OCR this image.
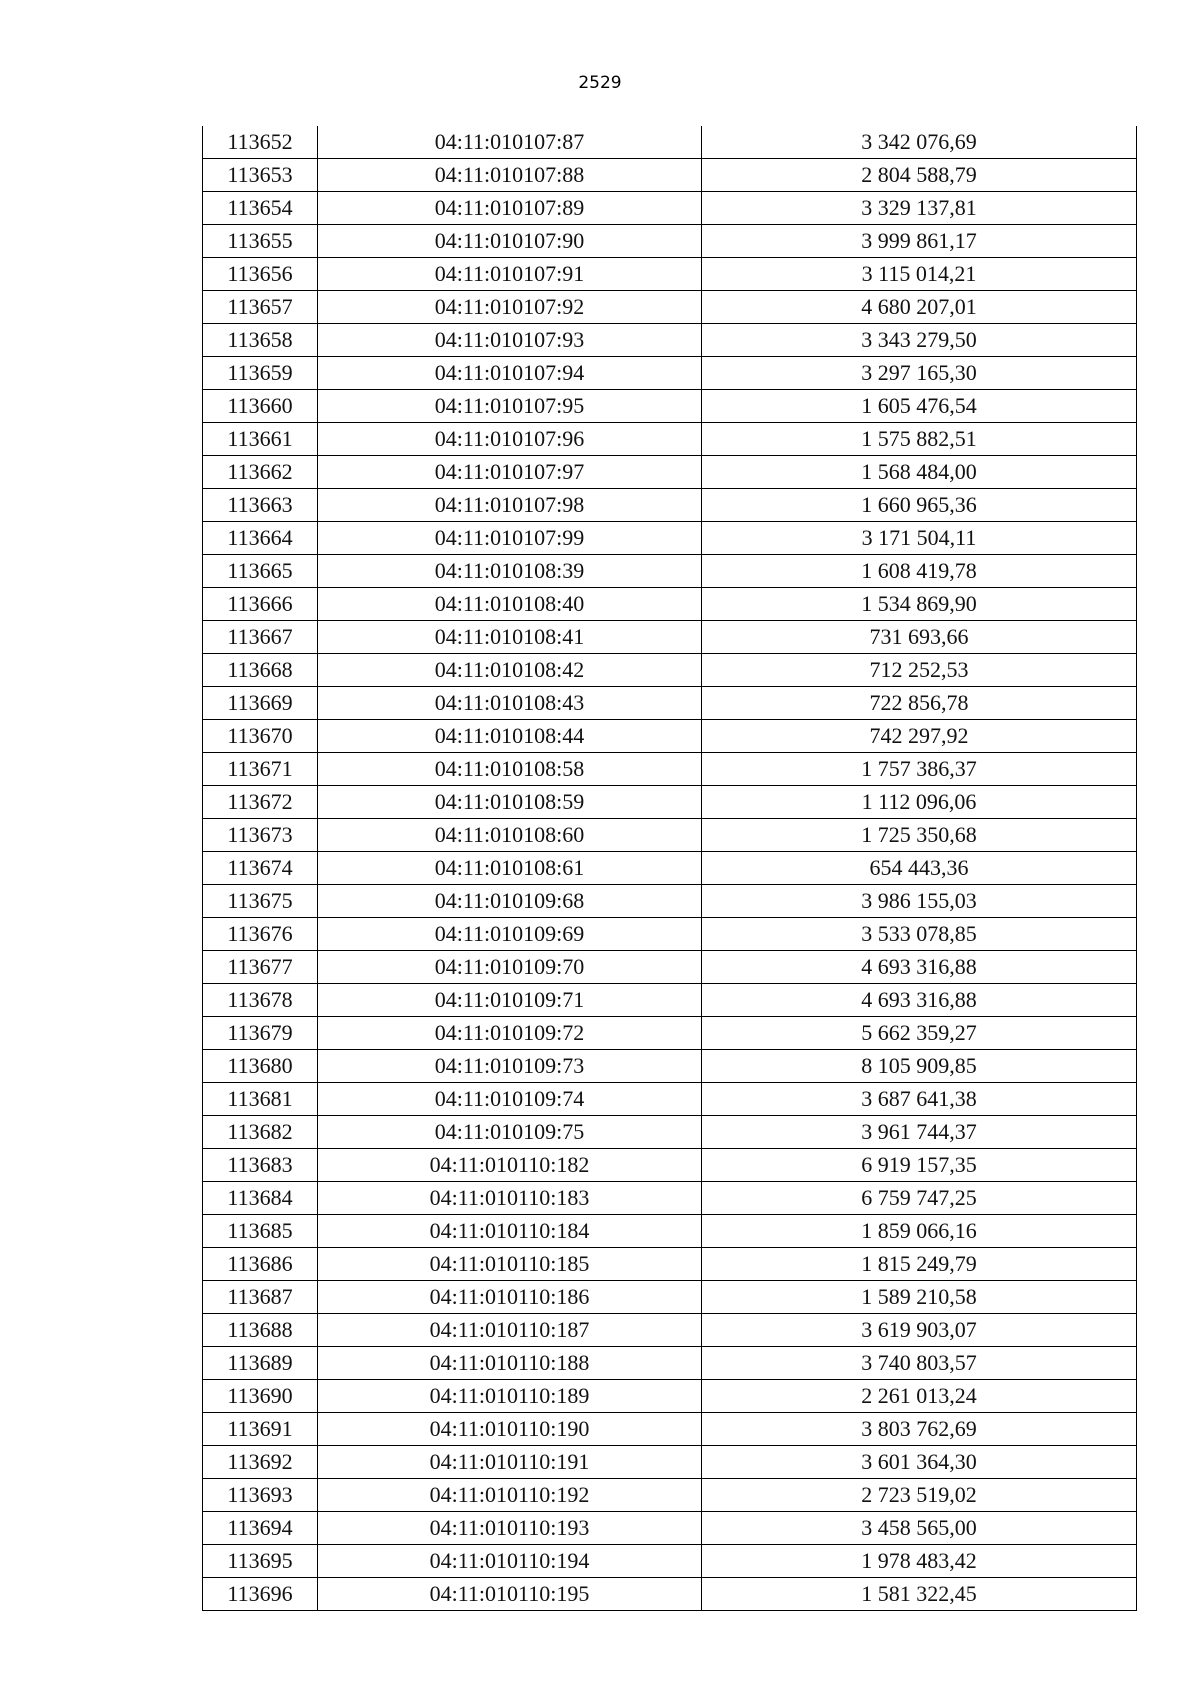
2529
113652	04:11:010107:87	3 342 076,69
113653	04:11:010107:88	2 804 588,79
113654	04:11:010107:89	3 329 137,81
113655	04:11:010107:90	3 999 861,17
113656	04:11:010107:91	3 115 014,21
113657	04:11:010107:92	4 680 207,01
113658	04:11:010107:93	3 343 279,50
113659	04:11:010107:94	3 297 165,30
113660	04:11:010107:95	1 605 476,54
113661	04:11:010107:96	1 575 882,51
113662	04:11:010107:97	1 568 484,00
113663	04:11:010107:98	1 660 965,36
113664	04:11:010107:99	3 171 504,11
113665	04:11:010108:39	1 608 419,78
113666	04:11:010108:40	1 534 869,90
113667	04:11:010108:41	731 693,66
113668	04:11:010108:42	712 252,53
113669	04:11:010108:43	722 856,78
113670	04:11:010108:44	742 297,92
113671	04:11:010108:58	1 757 386,37
113672	04:11:010108:59	1 112 096,06
113673	04:11:010108:60	1 725 350,68
113674	04:11:010108:61	654 443,36
113675	04:11:010109:68	3 986 155,03
113676	04:11:010109:69	3 533 078,85
113677	04:11:010109:70	4 693 316,88
113678	04:11:010109:71	4 693 316,88
113679	04:11:010109:72	5 662 359,27
113680	04:11:010109:73	8 105 909,85
113681	04:11:010109:74	3 687 641,38
113682	04:11:010109:75	3 961 744,37
113683	04:11:010110:182	6 919 157,35
113684	04:11:010110:183	6 759 747,25
113685	04:11:010110:184	1 859 066,16
113686	04:11:010110:185	1 815 249,79
113687	04:11:010110:186	1 589 210,58
113688	04:11:010110:187	3 619 903,07
113689	04:11:010110:188	3 740 803,57
113690	04:11:010110:189	2 261 013,24
113691	04:11:010110:190	3 803 762,69
113692	04:11:010110:191	3 601 364,30
113693	04:11:010110:192	2 723 519,02
113694	04:11:010110:193	3 458 565,00
113695	04:11:010110:194	1 978 483,42
113696	04:11:010110:195	1 581 322,45
